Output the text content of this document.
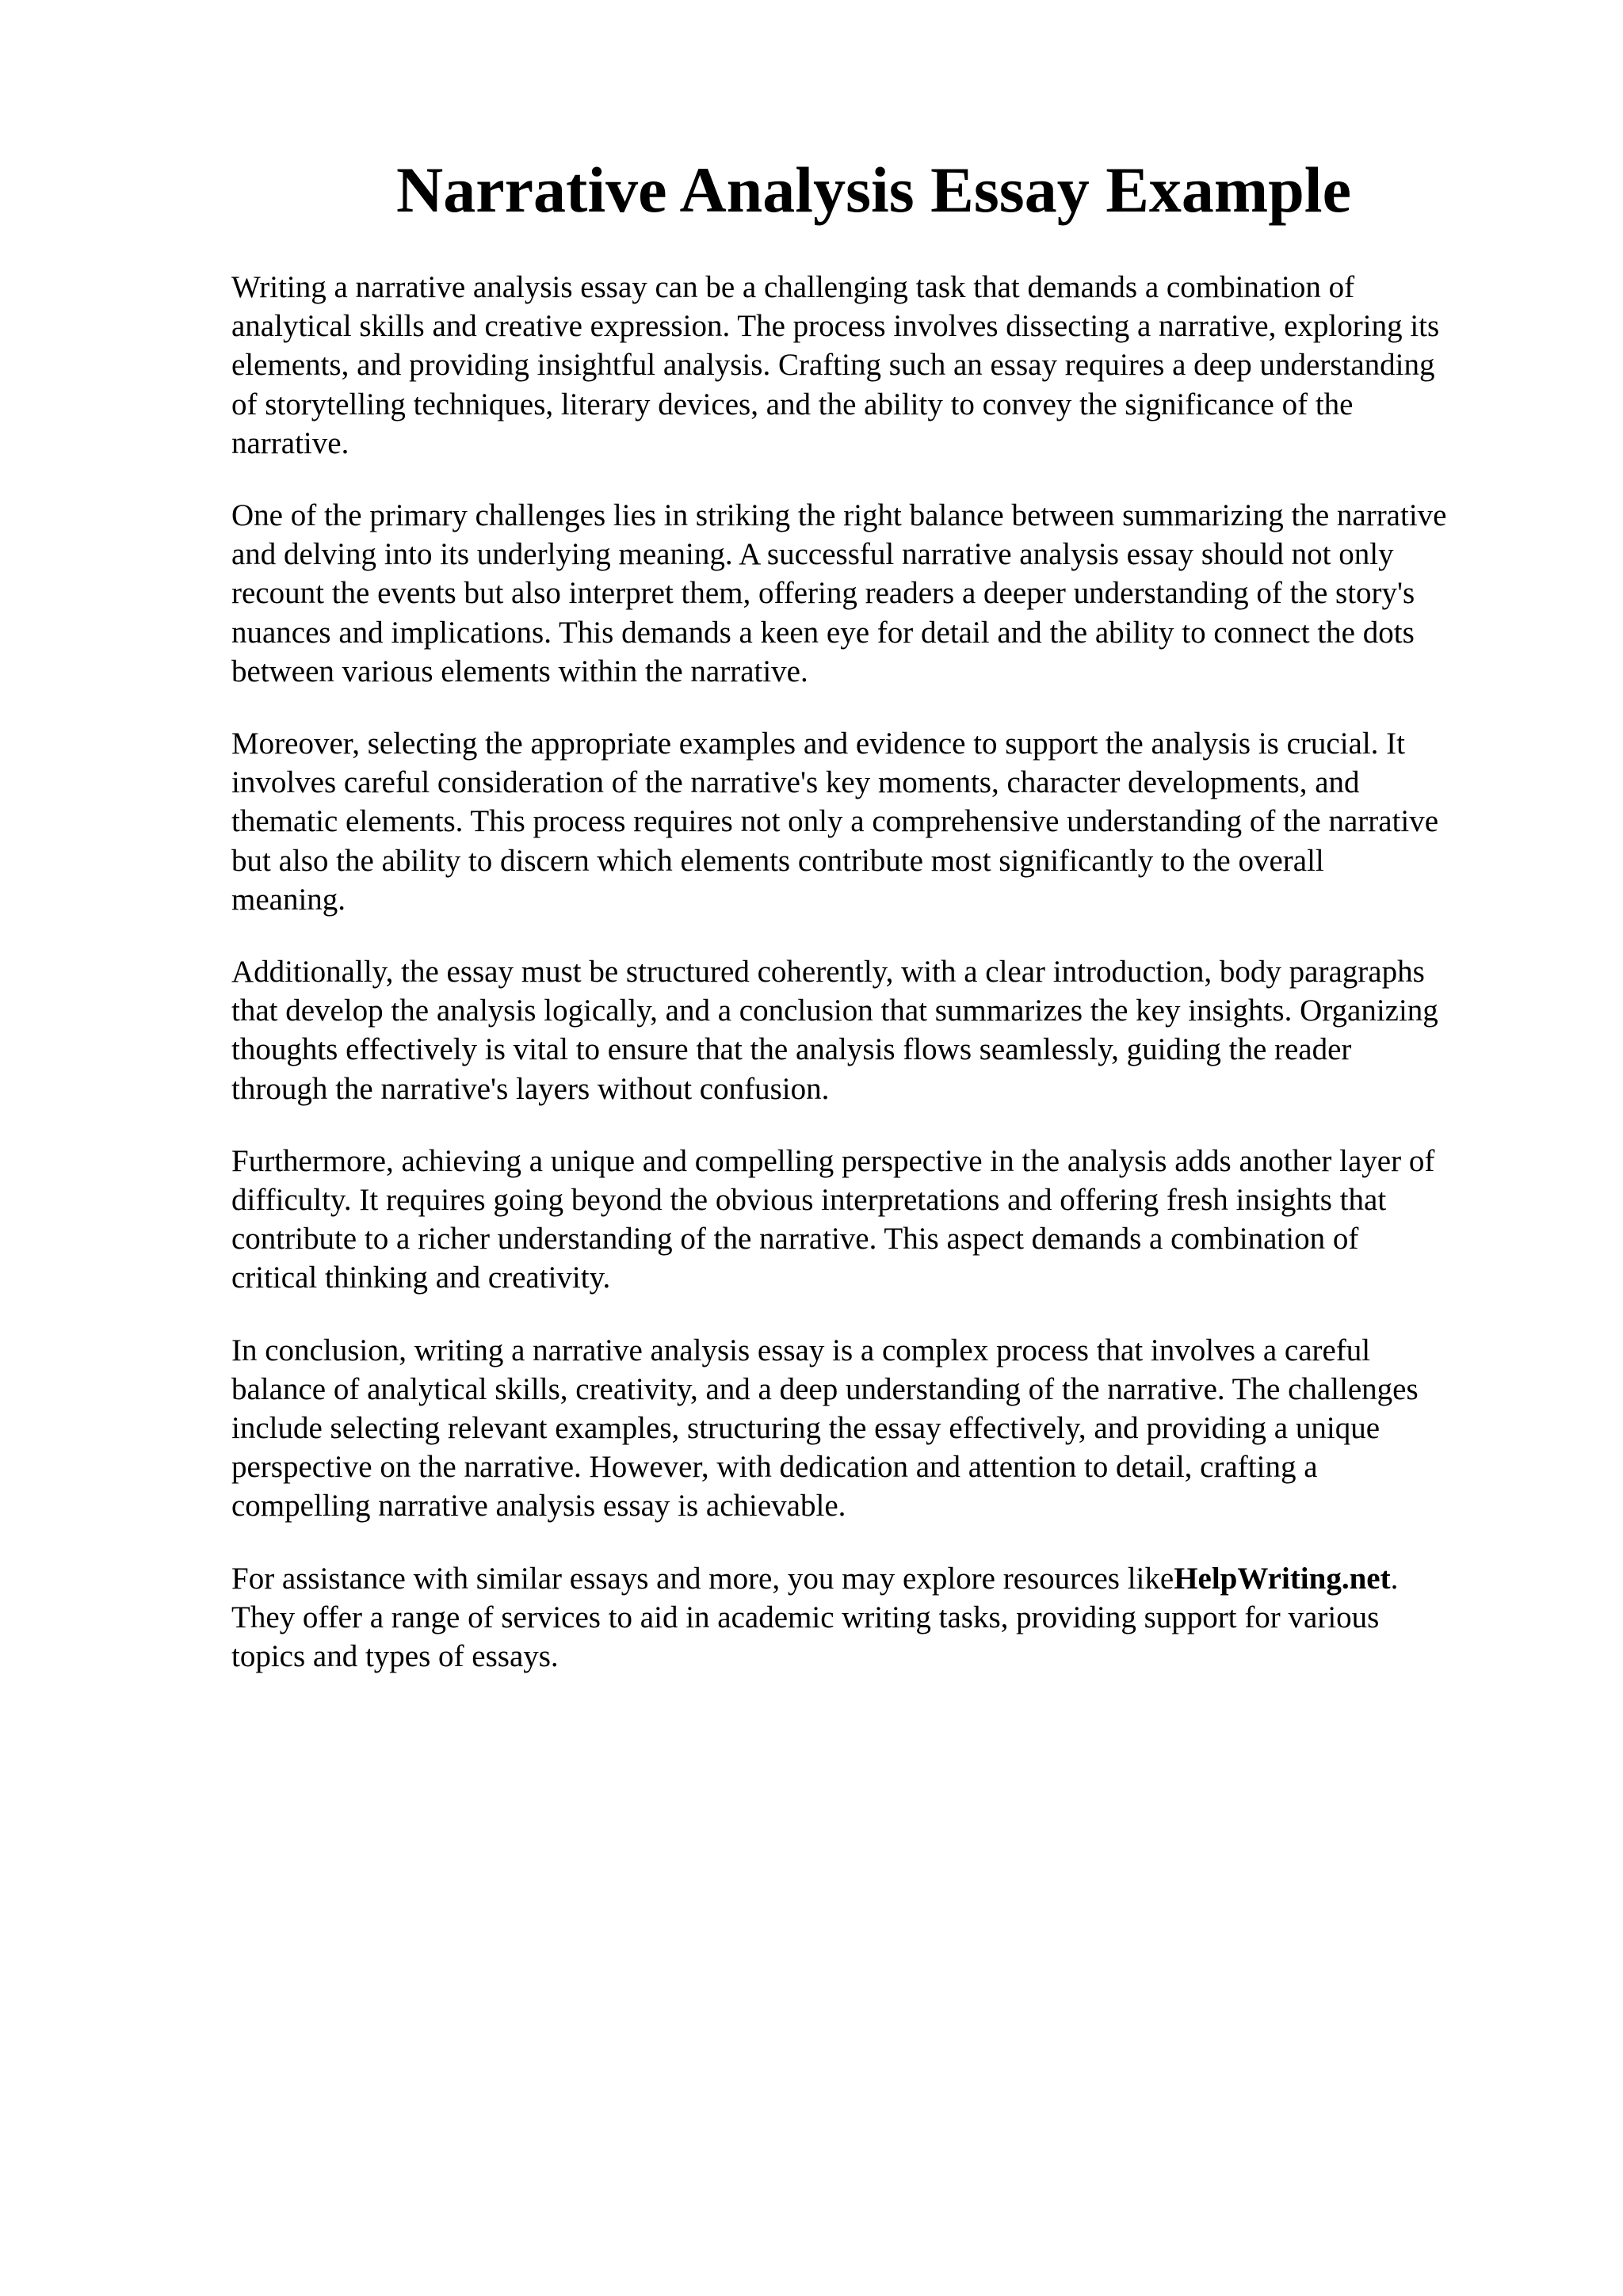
Narrative Analysis Essay Example

Writing a narrative analysis essay can be a challenging task that demands a combination of
analytical skills and creative expression. The process involves dissecting a narrative, exploring its
elements, and providing insightful analysis. Crafting such an essay requires a deep understanding
of storytelling techniques, literary devices, and the ability to convey the significance of the
narrative.

One of the primary challenges lies in striking the right balance between summarizing the narrative
and delving into its underlying meaning. A successful narrative analysis essay should not only
recount the events but also interpret them, offering readers a deeper understanding of the story's
nuances and implications. This demands a keen eye for detail and the ability to connect the dots
between various elements within the narrative.

Moreover, selecting the appropriate examples and evidence to support the analysis is crucial. It
involves careful consideration of the narrative's key moments, character developments, and
thematic elements. This process requires not only a comprehensive understanding of the narrative
but also the ability to discern which elements contribute most significantly to the overall
meaning.

Additionally, the essay must be structured coherently, with a clear introduction, body paragraphs
that develop the analysis logically, and a conclusion that summarizes the key insights. Organizing
thoughts effectively is vital to ensure that the analysis flows seamlessly, guiding the reader
through the narrative's layers without confusion.

Furthermore, achieving a unique and compelling perspective in the analysis adds another layer of
difficulty. It requires going beyond the obvious interpretations and offering fresh insights that
contribute to a richer understanding of the narrative. This aspect demands a combination of
critical thinking and creativity.

In conclusion, writing a narrative analysis essay is a complex process that involves a careful
balance of analytical skills, creativity, and a deep understanding of the narrative. The challenges
include selecting relevant examples, structuring the essay effectively, and providing a unique
perspective on the narrative. However, with dedication and attention to detail, crafting a
compelling narrative analysis essay is achievable.

For assistance with similar essays and more, you may explore resources likeHelpWriting.net.
They offer a range of services to aid in academic writing tasks, providing support for various
topics and types of essays.
